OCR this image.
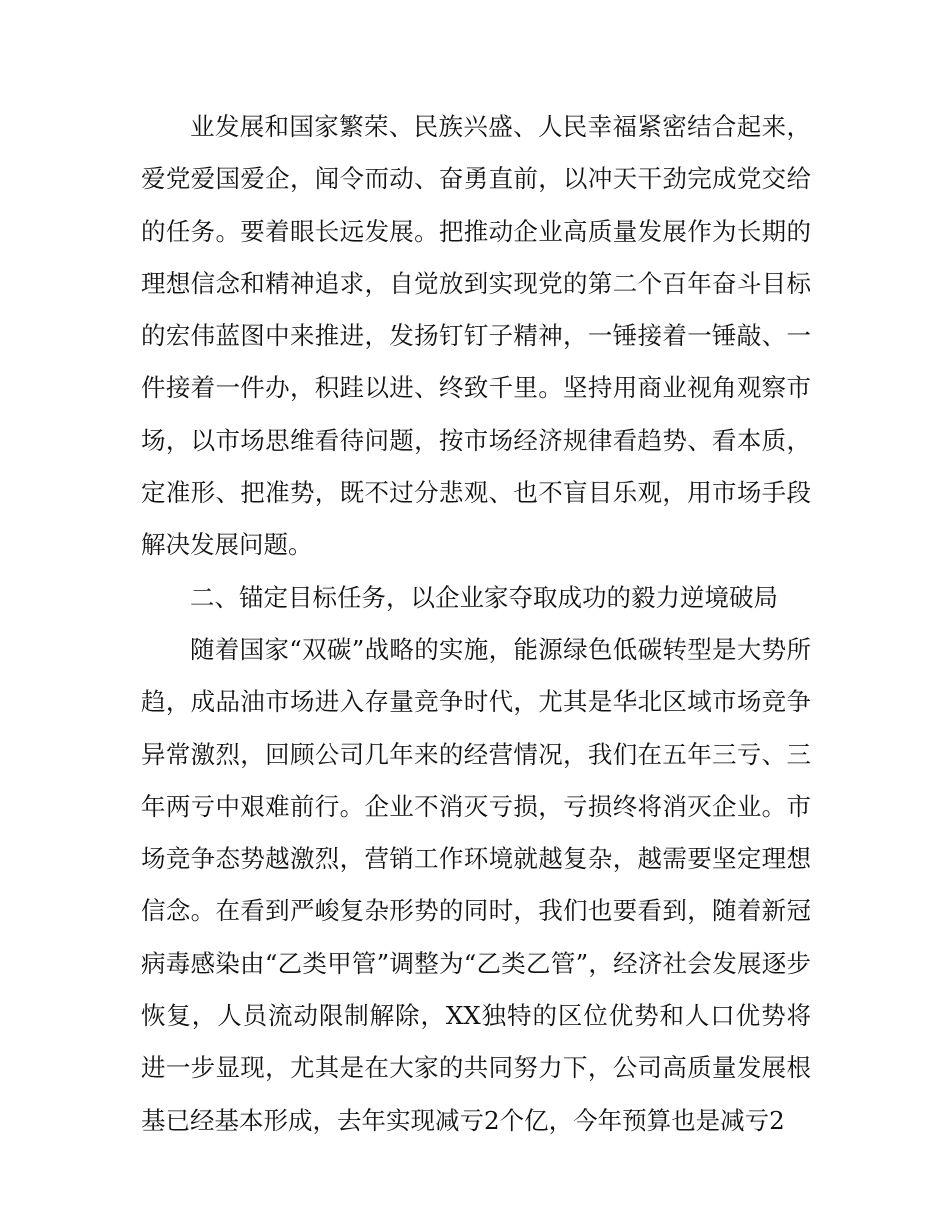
业发展和国家繁荣、民族兴盛、人民幸福紧密结合起来，爱党爱国爱企，闻令而动、奋勇直前，以冲天干劲完成党交给的任务。要着眼长远发展。把推动企业高质量发展作为长期的理想信念和精神追求，自觉放到实现党的第二个百年奋斗目标的宏伟蓝图中来推进，发扬钉钉子精神，一锤接着一锤敲、一件接着一件办，积跬以进、终致千里。坚持用商业视角观察市场，以市场思维看待问题，按市场经济规律看趋势、看本质，定准形、把准势，既不过分悲观、也不盲目乐观，用市场手段解决发展问题。

二、锚定目标任务，以企业家夺取成功的毅力逆境破局

随着国家“双碳”战略的实施，能源绿色低碳转型是大势所趋，成品油市场进入存量竞争时代，尤其是华北区域市场竞争异常激烈，回顾公司几年来的经营情况，我们在五年三亏、三年两亏中艰难前行。企业不消灭亏损，亏损终将消灭企业。市场竞争态势越激烈，营销工作环境就越复杂，越需要坚定理想信念。在看到严峻复杂形势的同时，我们也要看到，随着新冠病毒感染由“乙类甲管”调整为“乙类乙管”，经济社会发展逐步恢复，人员流动限制解除，XX独特的区位优势和人口优势将进一步显现，尤其是在大家的共同努力下，公司高质量发展根基已经基本形成，去年实现减亏2个亿，今年预算也是减亏2
